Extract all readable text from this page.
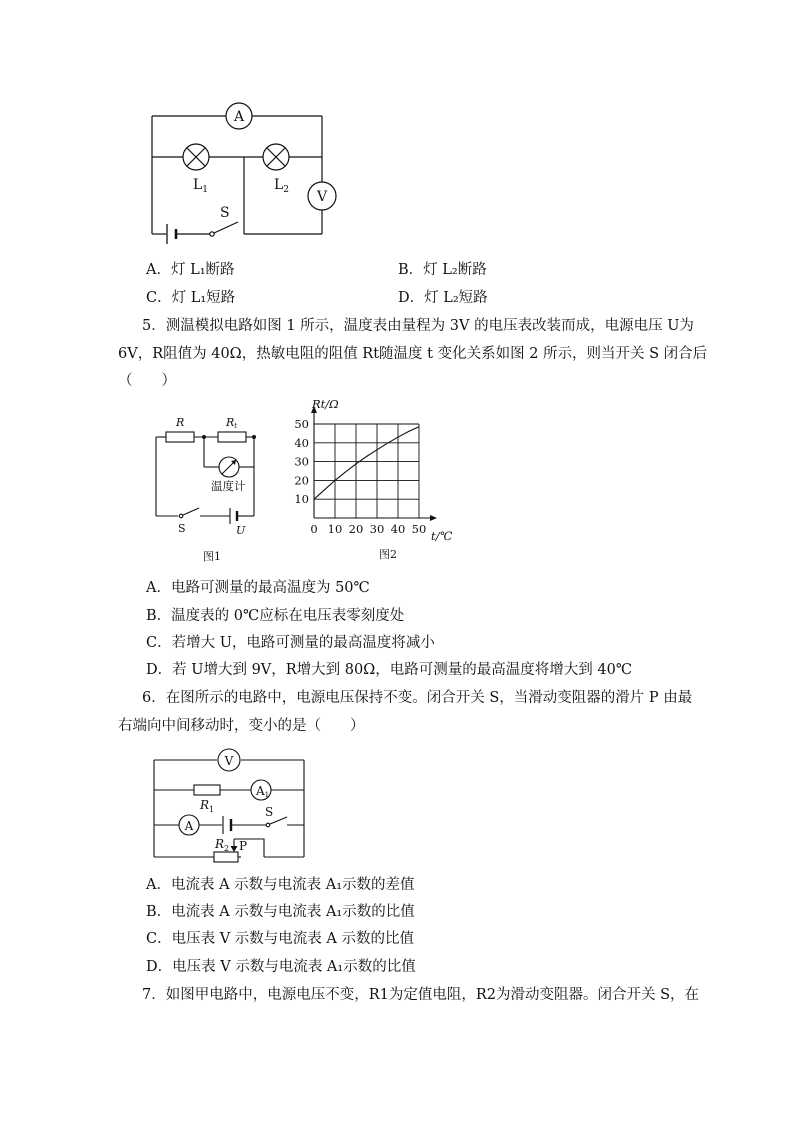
A
$L_1$	$L_2$ V
S
A．灯 L₁断路	B．灯 L₂断路
C．灯 L₁短路	D．灯 L₂短路
5．测温模拟电路如图 1 所示，温度表由量程为 3V 的电压表改装而成，电源电压 U为
6V，R阻值为 40Ω，热敏电阻的阻值 Rt随温度 t 变化关系如图 2 所示，则当开关 S 闭合后
（　　）
R	Rt
温度计
S	U
图1
0 10 20 30 40 50
10
20
30
40
50
Rt/Ω
t/℃
图2
A．电路可测量的最高温度为 50℃
B．温度表的 0℃应标在电压表零刻度处
C．若增大 U，电路可测量的最高温度将减小
D．若 U增大到 9V，R增大到 80Ω，电路可测量的最高温度将增大到 40℃
6．在图所示的电路中，电源电压保持不变。闭合开关 S，当滑动变阻器的滑片 P 由最
右端向中间移动时，变小的是（　　）
V
$R_1$
A1
A
S
$R_2$ P
A．电流表 A 示数与电流表 A₁示数的差值
B．电流表 A 示数与电流表 A₁示数的比值
C．电压表 V 示数与电流表 A 示数的比值
D．电压表 V 示数与电流表 A₁示数的比值
7．如图甲电路中，电源电压不变，R1为定值电阻，R2为滑动变阻器。闭合开关 S，在
